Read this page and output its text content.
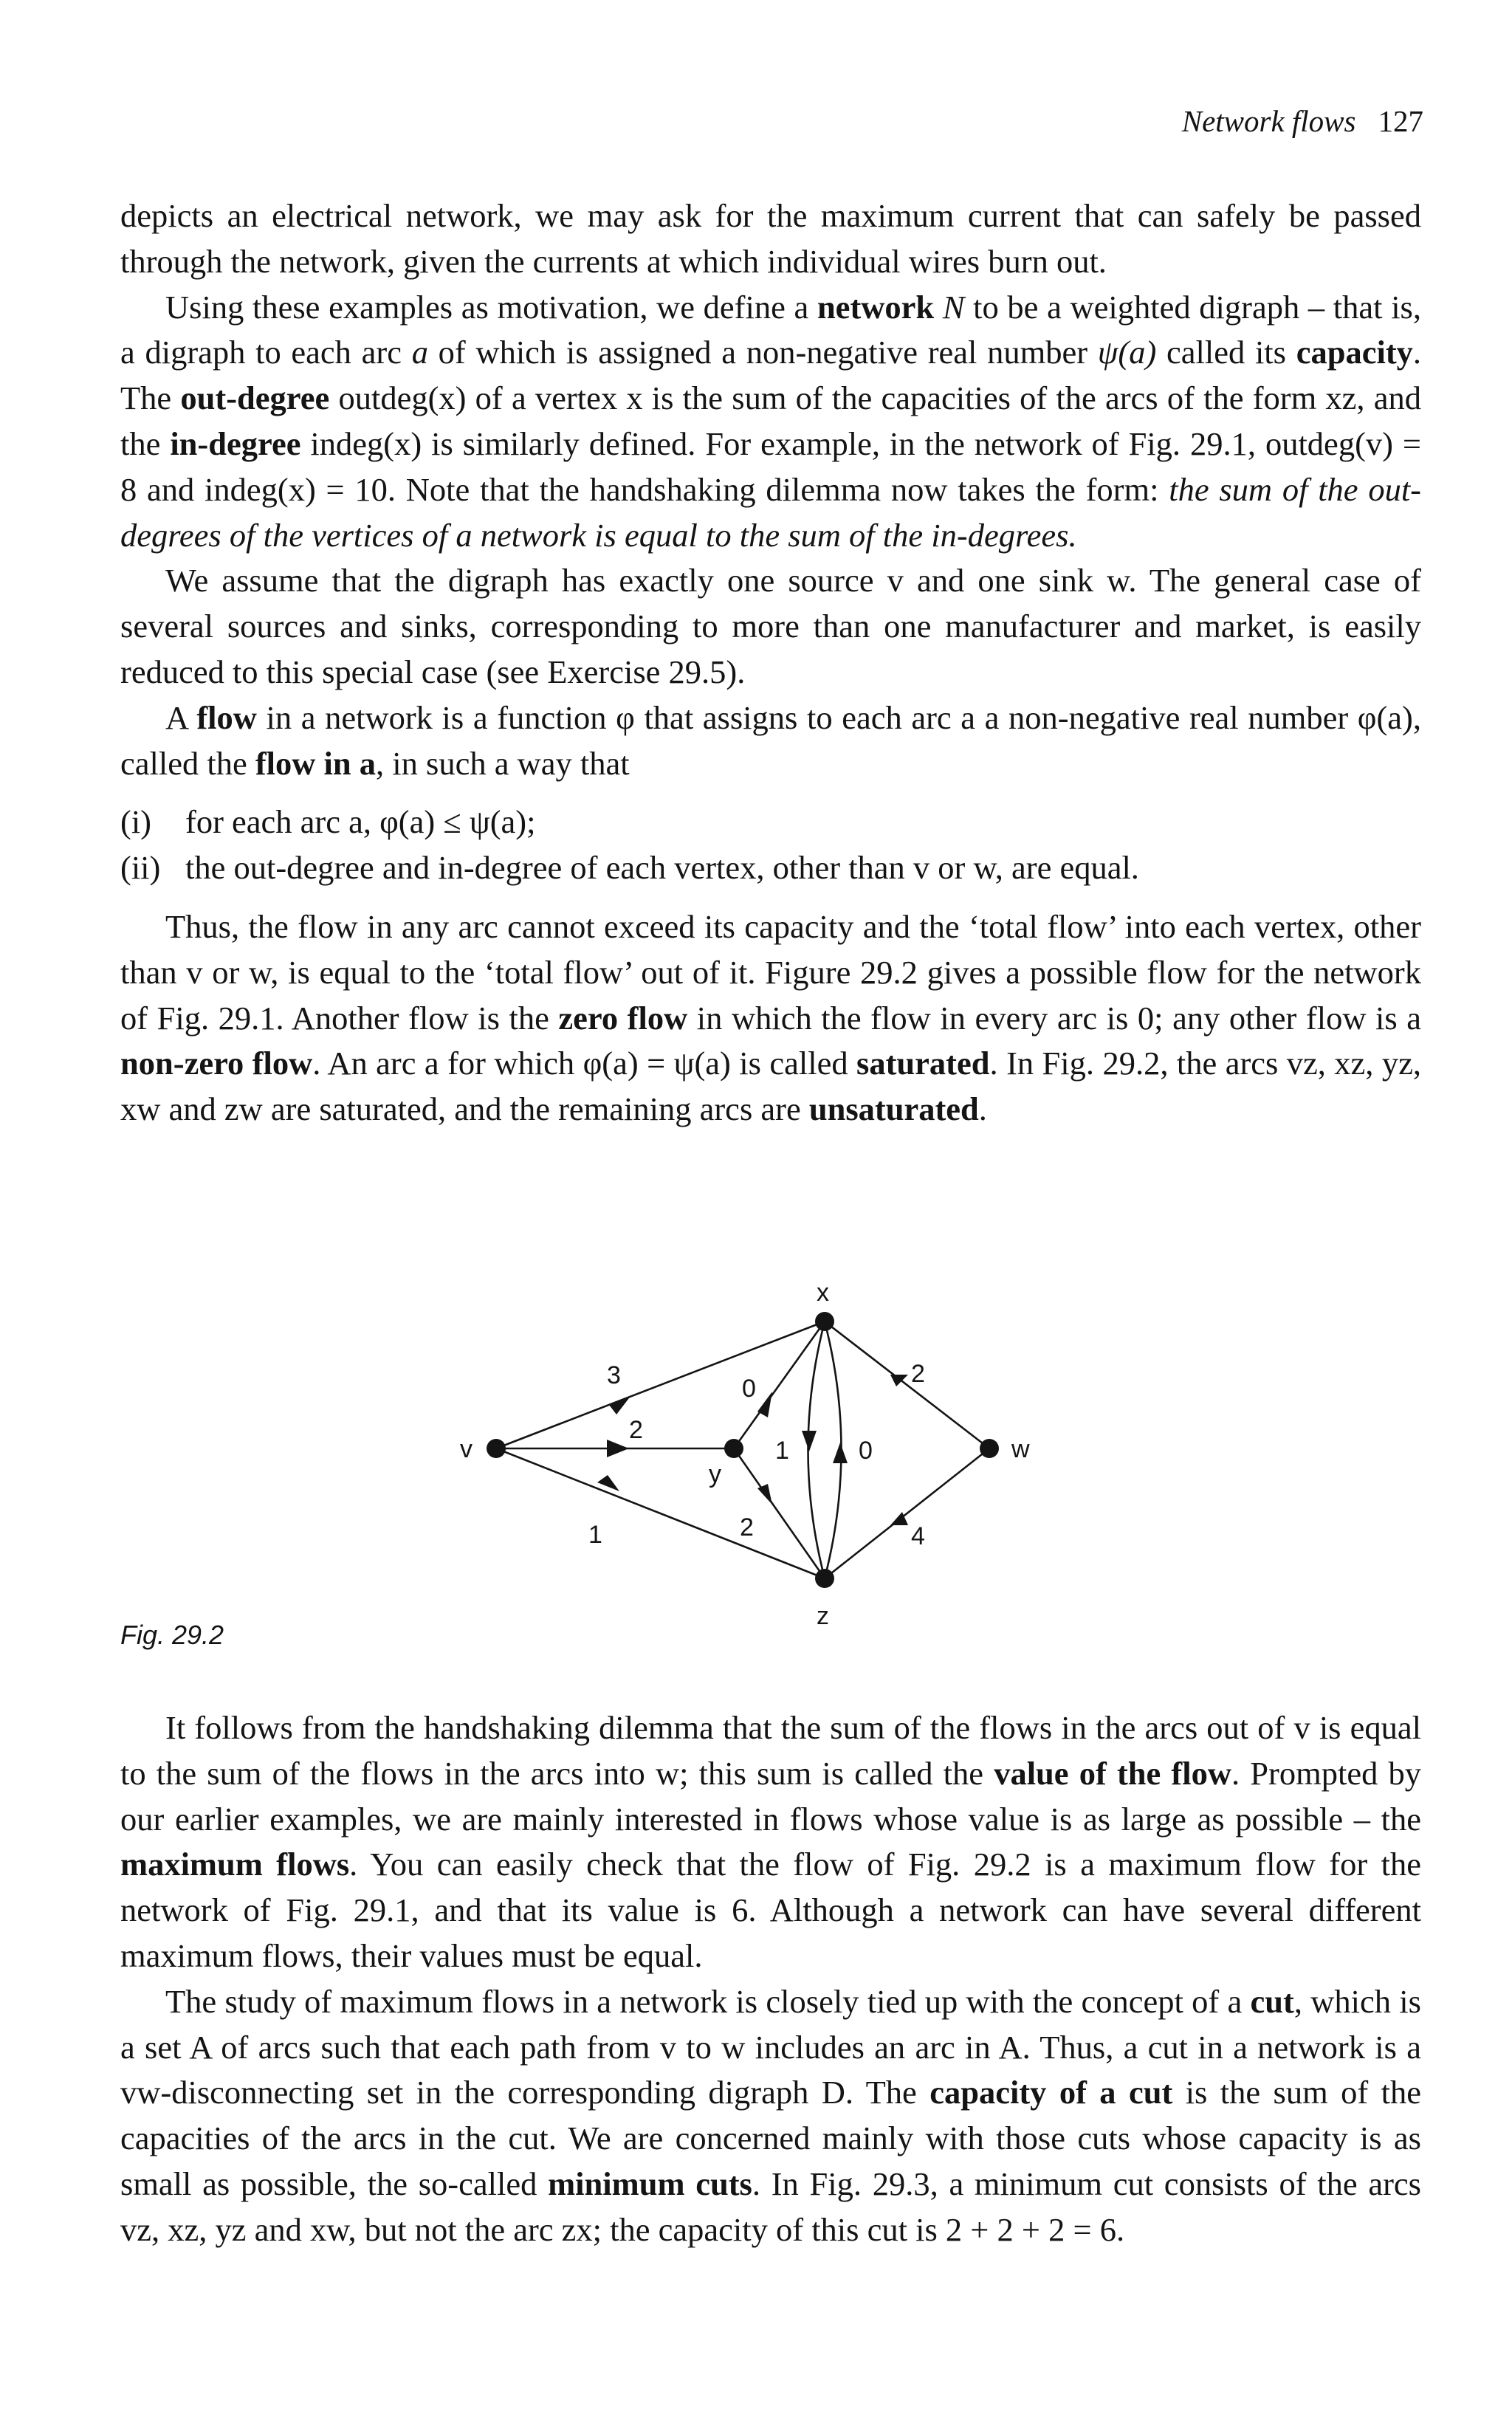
Network flows 127

depicts an electrical network, we may ask for the maximum current that can safely be passed through the network, given the currents at which individual wires burn out.

Using these examples as motivation, we define a network N to be a weighted digraph – that is, a digraph to each arc a of which is assigned a non-negative real number ψ(a) called its capacity. The out-degree outdeg(x) of a vertex x is the sum of the capacities of the arcs of the form xz, and the in-degree indeg(x) is similarly defined. For example, in the network of Fig. 29.1, outdeg(v) = 8 and indeg(x) = 10. Note that the handshaking dilemma now takes the form: the sum of the out-degrees of the vertices of a network is equal to the sum of the in-degrees.

We assume that the digraph has exactly one source v and one sink w. The general case of several sources and sinks, corresponding to more than one manufacturer and market, is easily reduced to this special case (see Exercise 29.5).

A flow in a network is a function φ that assigns to each arc a a non-negative real number φ(a), called the flow in a, in such a way that

(i) for each arc a, φ(a) ≤ ψ(a);
(ii) the out-degree and in-degree of each vertex, other than v or w, are equal.

Thus, the flow in any arc cannot exceed its capacity and the ‘total flow’ into each vertex, other than v or w, is equal to the ‘total flow’ out of it. Figure 29.2 gives a possible flow for the network of Fig. 29.1. Another flow is the zero flow in which the flow in every arc is 0; any other flow is a non-zero flow. An arc a for which φ(a) = ψ(a) is called saturated. In Fig. 29.2, the arcs vz, xz, yz, xw and zw are saturated, and the remaining arcs are unsaturated.

x
v
y
w
z
3
2
1
0
1	0
2
2
4
Fig. 29.2

It follows from the handshaking dilemma that the sum of the flows in the arcs out of v is equal to the sum of the flows in the arcs into w; this sum is called the value of the flow. Prompted by our earlier examples, we are mainly interested in flows whose value is as large as possible – the maximum flows. You can easily check that the flow of Fig. 29.2 is a maximum flow for the network of Fig. 29.1, and that its value is 6. Although a network can have several different maximum flows, their values must be equal.

The study of maximum flows in a network is closely tied up with the concept of a cut, which is a set A of arcs such that each path from v to w includes an arc in A. Thus, a cut in a network is a vw-disconnecting set in the corresponding digraph D. The capacity of a cut is the sum of the capacities of the arcs in the cut. We are concerned mainly with those cuts whose capacity is as small as possible, the so-called minimum cuts. In Fig. 29.3, a minimum cut consists of the arcs vz, xz, yz and xw, but not the arc zx; the capacity of this cut is 2 + 2 + 2 = 6.
